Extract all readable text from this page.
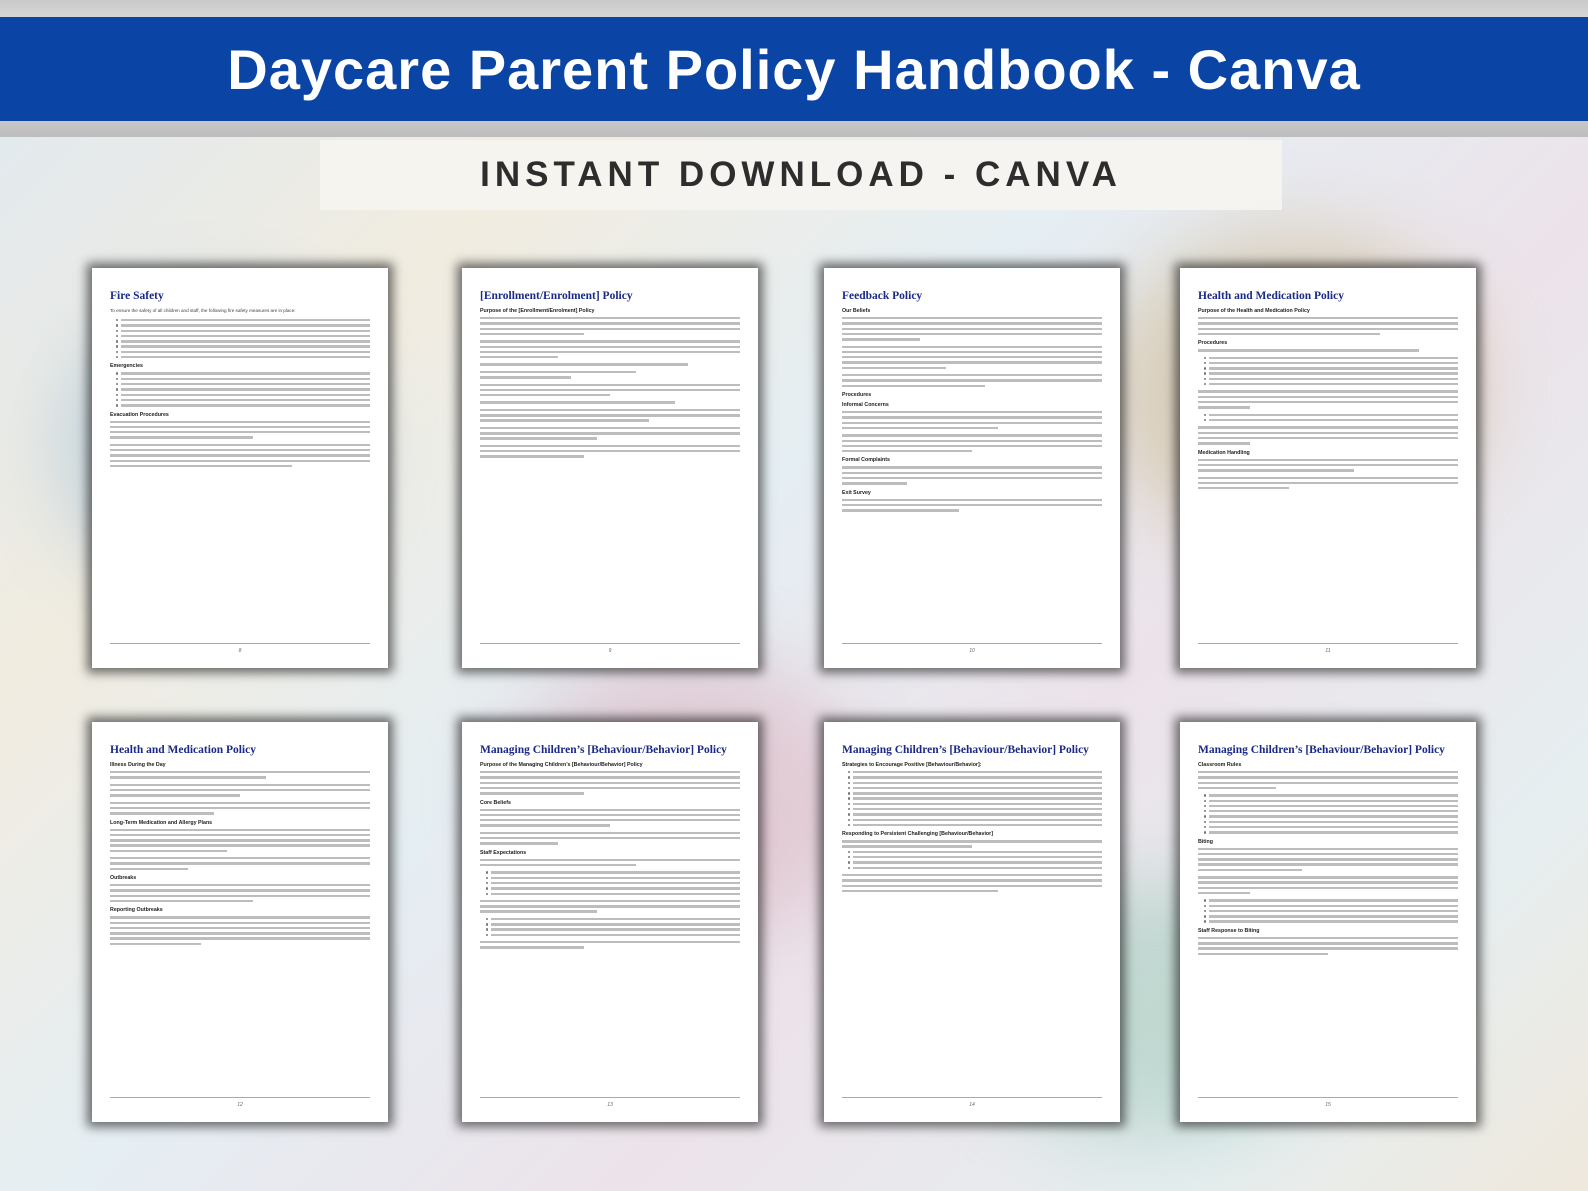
Daycare Parent Policy Handbook - Canva
INSTANT DOWNLOAD - CANVA
Fire Safety

To ensure the safety of all children and staff, the following fire safety measures are in place:

Emergencies
Evacuation Procedures
8
[Enrollment/Enrolment] Policy
Purpose of the [Enrollment/Enrolment] Policy
9
Feedback Policy
Our Beliefs
Procedures
Informal Concerns
Formal Complaints
Exit Survey
10
Health and Medication Policy
Purpose of the Health and Medication Policy
Procedures
Medication Handling
11
Health and Medication Policy
Illness During the Day
Long-Term Medication and Allergy Plans
Outbreaks
Reporting Outbreaks
12
Managing Children’s [Behaviour/Behavior] Policy
Purpose of the Managing Children’s [Behaviour/Behavior] Policy
Core Beliefs
Staff Expectations
13
Managing Children’s [Behaviour/Behavior] Policy
Strategies to Encourage Positive [Behaviour/Behavior]:
Responding to Persistent Challenging [Behaviour/Behavior]
14
Managing Children’s [Behaviour/Behavior] Policy
Classroom Rules
Biting
Staff Response to Biting
15
